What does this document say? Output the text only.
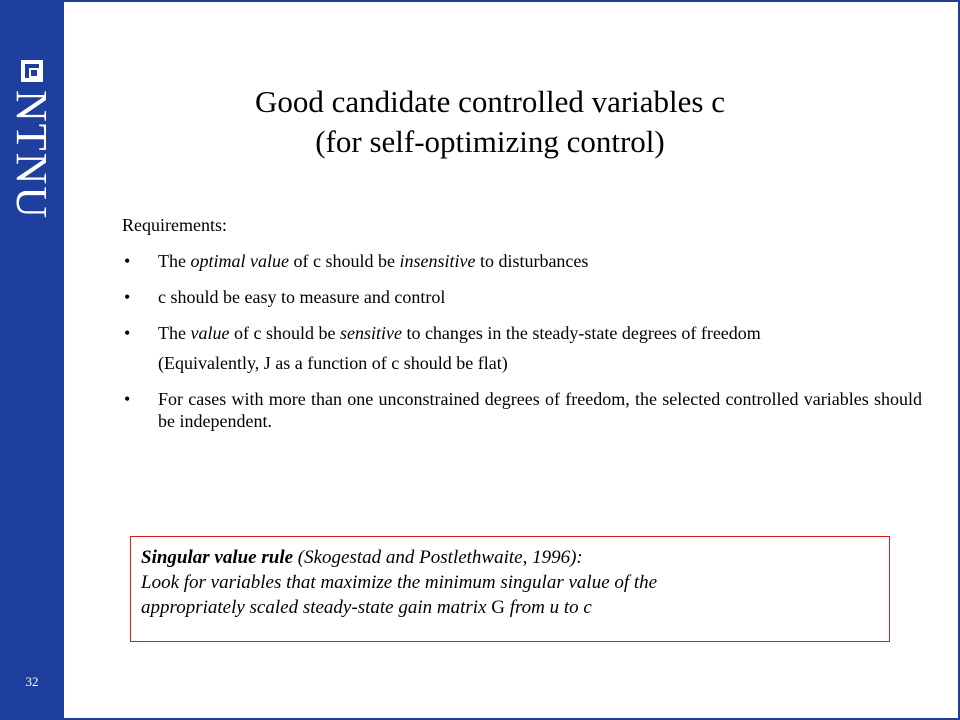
NTNU
32
Good candidate controlled variables c
(for self-optimizing control)

Requirements:

• The optimal value of c should be insensitive to disturbances

• c should be easy to measure and control

• The value of c should be sensitive to changes in the steady-state degrees of freedom

(Equivalently, J as a function of c should be flat)

• For cases with more than one unconstrained degrees of freedom, the selected controlled variables should be independent.

Singular value rule (Skogestad and Postlethwaite, 1996):
Look for variables that maximize the minimum singular value of the
appropriately scaled steady-state gain matrix G from u to c
